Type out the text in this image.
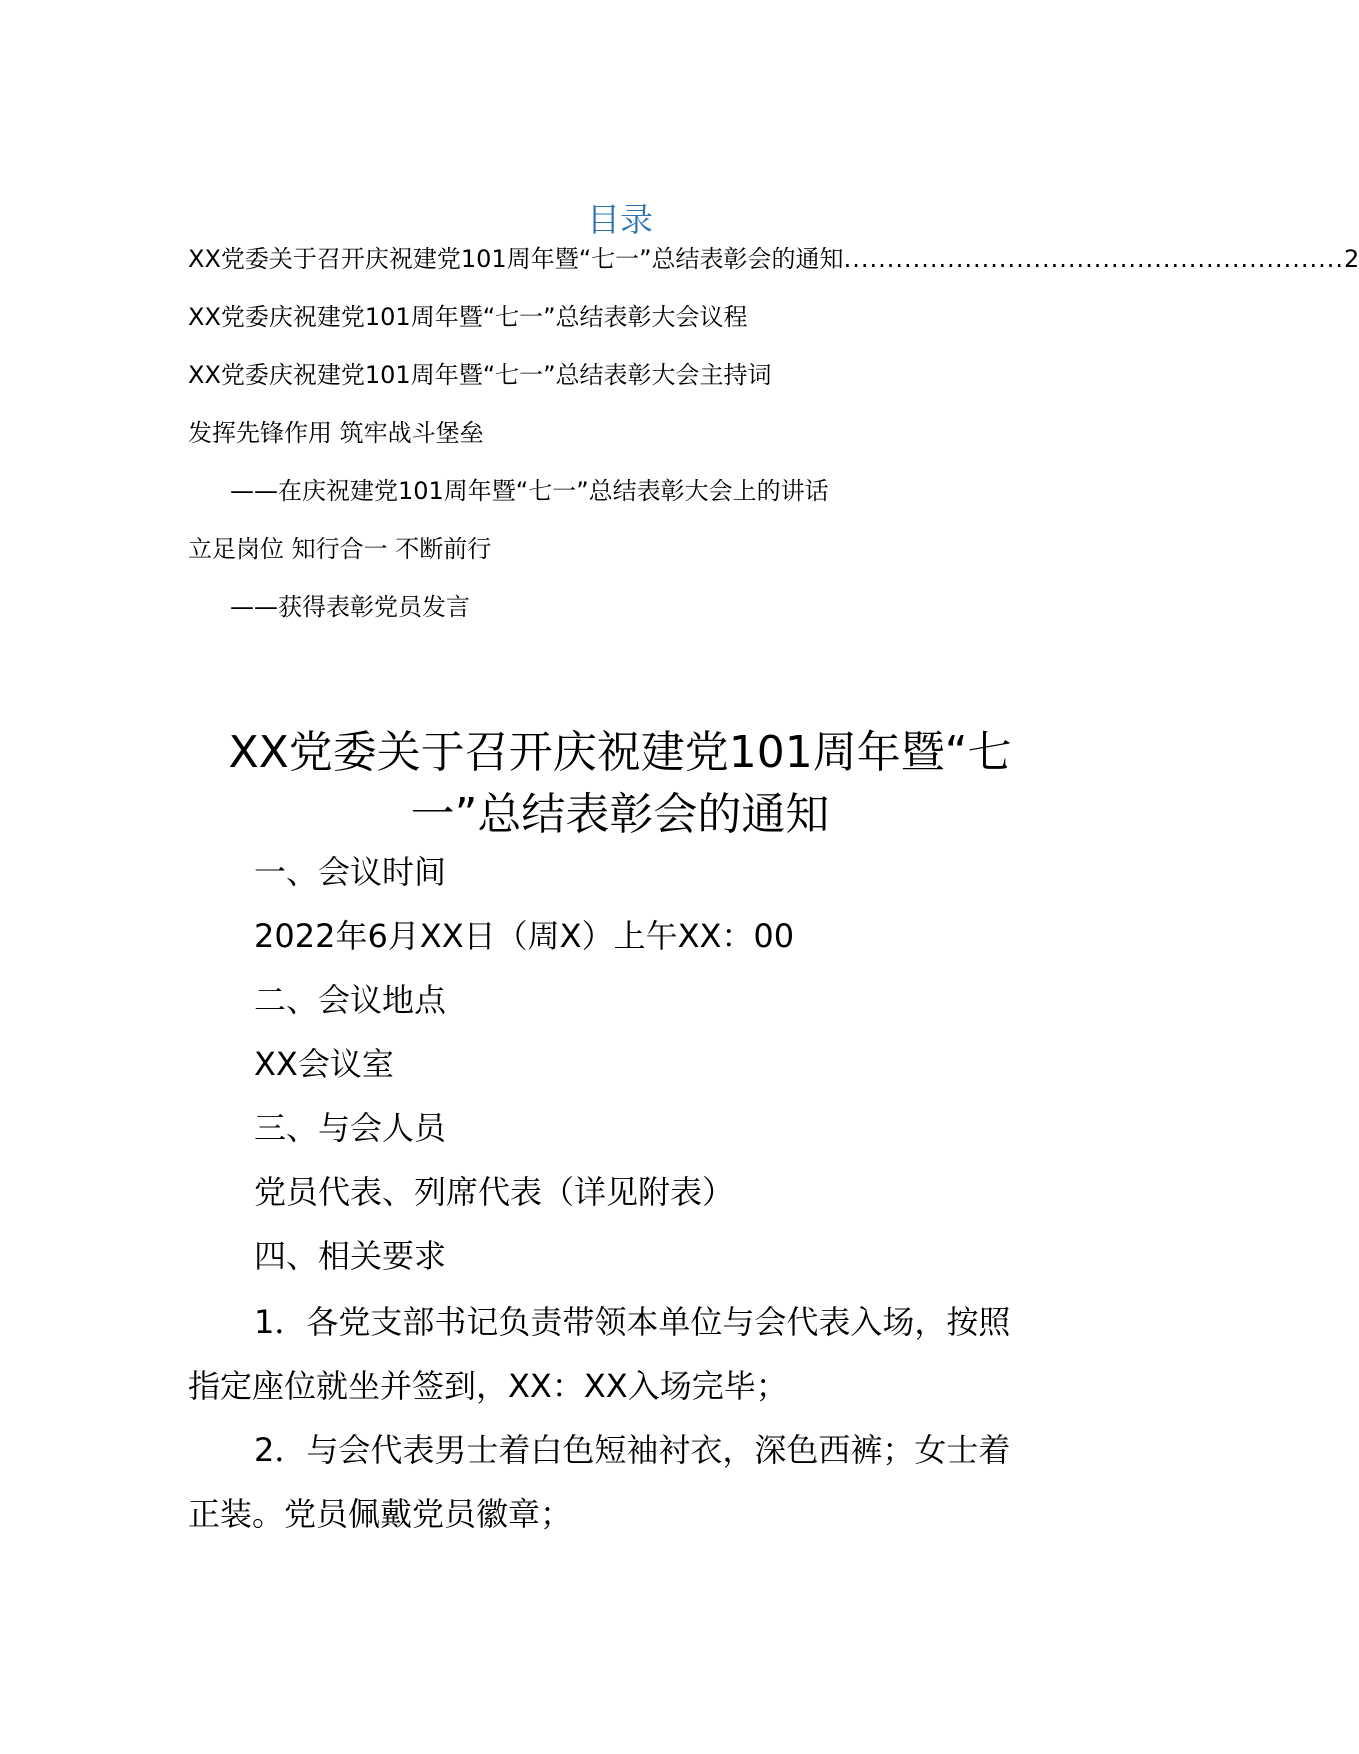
目录
XX党委关于召开庆祝建党101周年暨“七一”总结表彰会的通知 .......................................................... 2
XX党委庆祝建党101周年暨“七一”总结表彰大会议程
XX党委庆祝建党101周年暨“七一”总结表彰大会主持词
发挥先锋作用 筑牢战斗堡垒
——在庆祝建党101周年暨“七一”总结表彰大会上的讲话
立足岗位 知行合一 不断前行
——获得表彰党员发言
XX党委关于召开庆祝建党101周年暨“七
一”总结表彰会的通知
一、会议时间
2022年6月XX日（周X）上午XX：00
二、会议地点
XX会议室
三、与会人员
党员代表、列席代表（详见附表）
四、相关要求
1．各党支部书记负责带领本单位与会代表入场，按照
指定座位就坐并签到，XX：XX入场完毕；
2．与会代表男士着白色短袖衬衣，深色西裤；女士着
正装。党员佩戴党员徽章；
